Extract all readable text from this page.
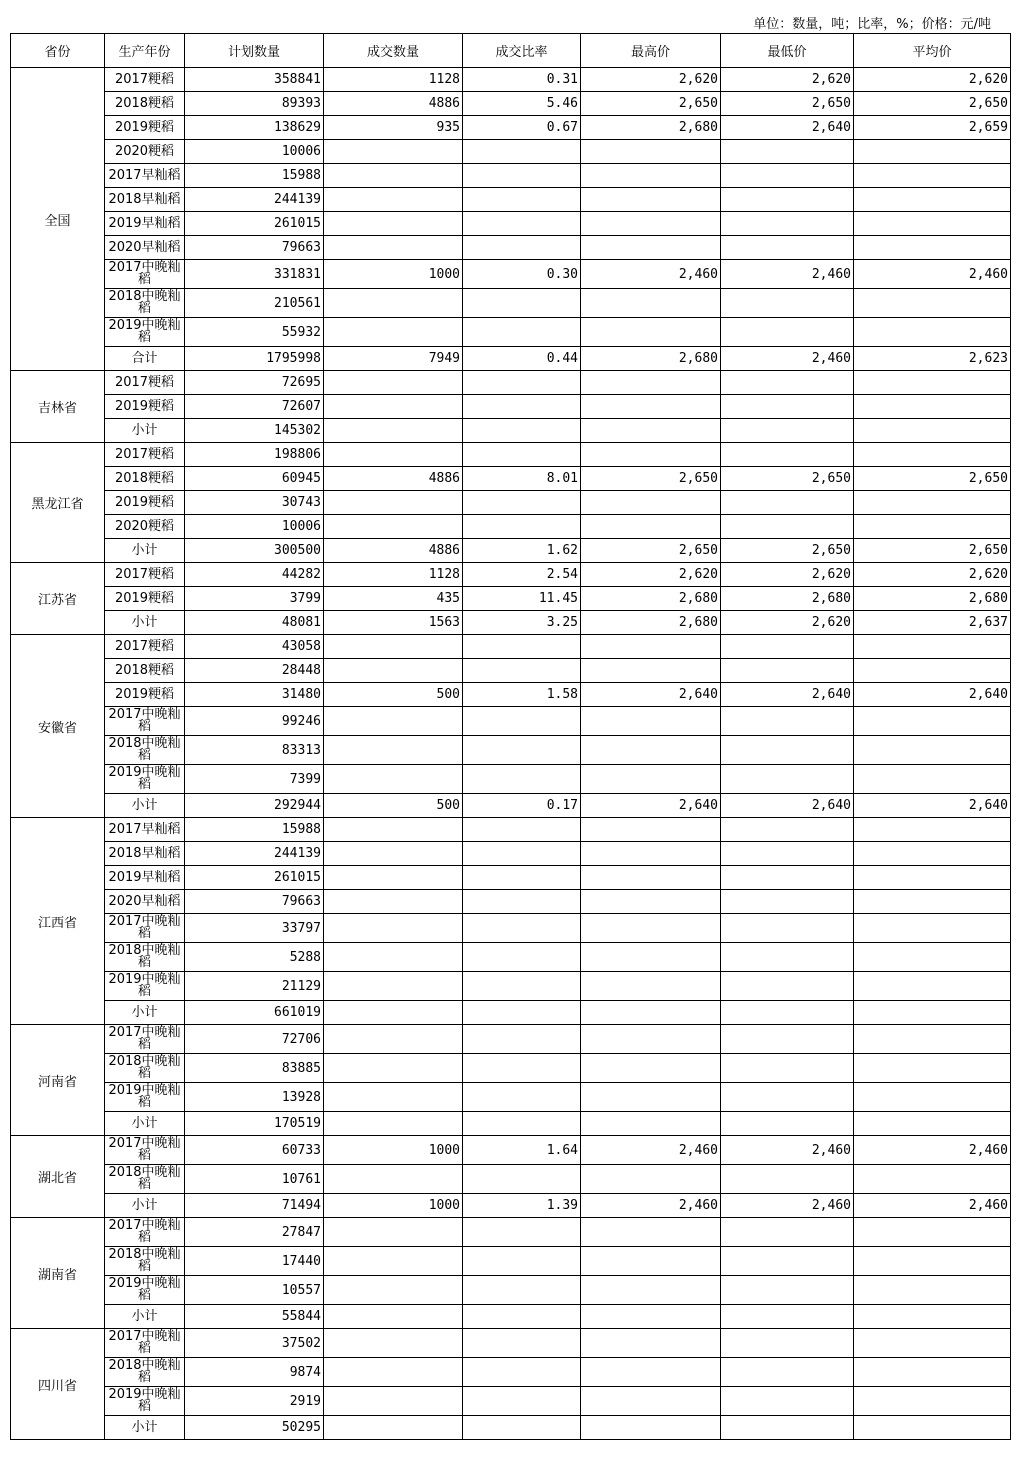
单位：数量，吨；比率，%；价格：元/吨
省份	生产年份	计划数量	成交数量	成交比率	最高价	最低价	平均价
全国	2017粳稻	358841	1128	0.31	2,620	2,620	2,620
	2018粳稻	89393	4886	5.46	2,650	2,650	2,650
	2019粳稻	138629	935	0.67	2,680	2,640	2,659
	2020粳稻	10006					
	2017早籼稻	15988					
	2018早籼稻	244139					
	2019早籼稻	261015					
	2020早籼稻	79663					
	2017中晚籼稻	331831	1000	0.30	2,460	2,460	2,460
	2018中晚籼稻	210561					
	2019中晚籼稻	55932					
	合计	1795998	7949	0.44	2,680	2,460	2,623
吉林省	2017粳稻	72695					
	2019粳稻	72607					
	小计	145302					
黑龙江省	2017粳稻	198806					
	2018粳稻	60945	4886	8.01	2,650	2,650	2,650
	2019粳稻	30743					
	2020粳稻	10006					
	小计	300500	4886	1.62	2,650	2,650	2,650
江苏省	2017粳稻	44282	1128	2.54	2,620	2,620	2,620
	2019粳稻	3799	435	11.45	2,680	2,680	2,680
	小计	48081	1563	3.25	2,680	2,620	2,637
安徽省	2017粳稻	43058					
	2018粳稻	28448					
	2019粳稻	31480	500	1.58	2,640	2,640	2,640
	2017中晚籼稻	99246					
	2018中晚籼稻	83313					
	2019中晚籼稻	7399					
	小计	292944	500	0.17	2,640	2,640	2,640
江西省	2017早籼稻	15988					
	2018早籼稻	244139					
	2019早籼稻	261015					
	2020早籼稻	79663					
	2017中晚籼稻	33797					
	2018中晚籼稻	5288					
	2019中晚籼稻	21129					
	小计	661019					
河南省	2017中晚籼稻	72706					
	2018中晚籼稻	83885					
	2019中晚籼稻	13928					
	小计	170519					
湖北省	2017中晚籼稻	60733	1000	1.64	2,460	2,460	2,460
	2018中晚籼稻	10761					
	小计	71494	1000	1.39	2,460	2,460	2,460
湖南省	2017中晚籼稻	27847					
	2018中晚籼稻	17440					
	2019中晚籼稻	10557					
	小计	55844					
四川省	2017中晚籼稻	37502					
	2018中晚籼稻	9874					
	2019中晚籼稻	2919					
	小计	50295					
